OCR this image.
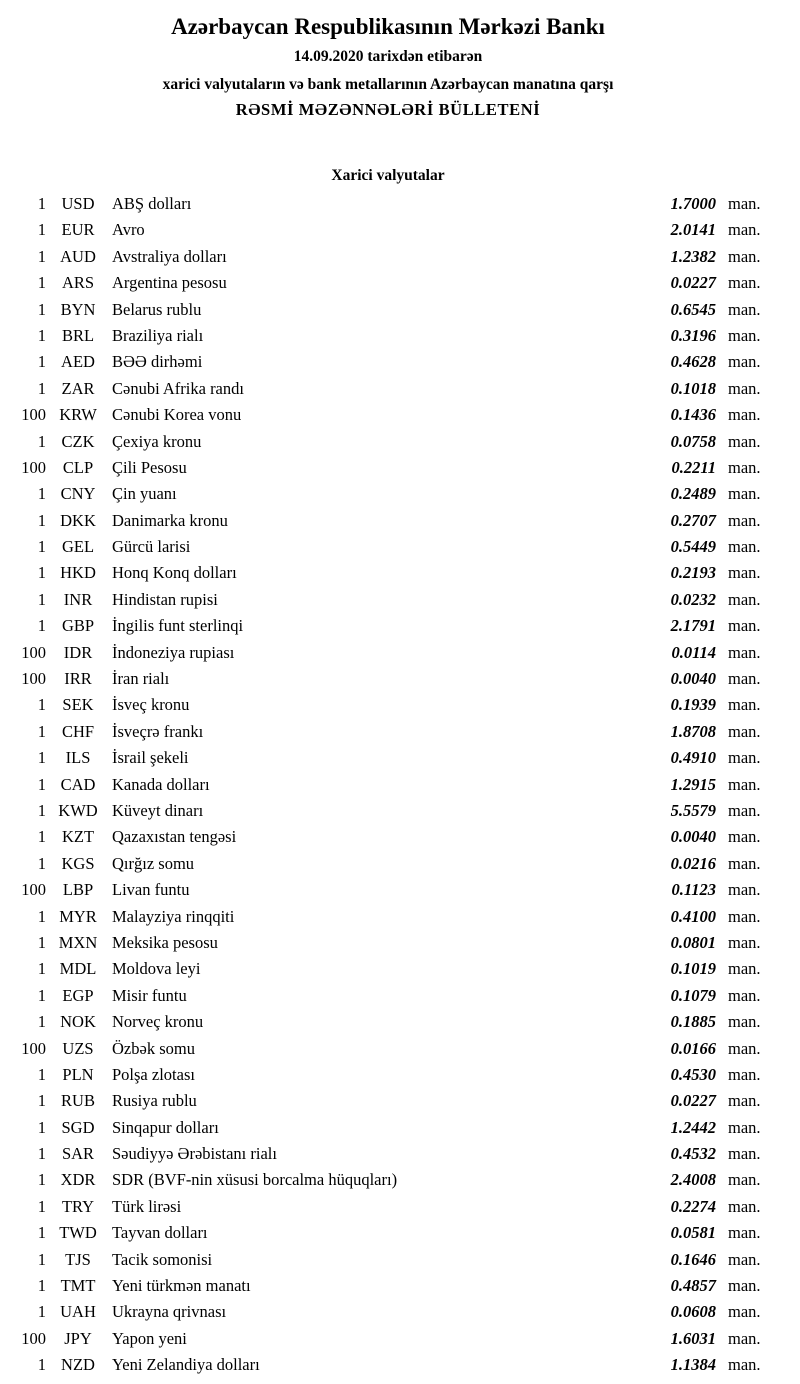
Azərbaycan Respublikasının Mərkəzi Bankı
14.09.2020 tarixdən etibarən
xarici valyutaların və bank metallarının Azərbaycan manatına qarşı
RƏSMİ MƏZƏNNƏLƏRİ BÜLLETENİ
Xarici valyutalar
1 USD	ABŞ dolları	1.7000 man.
1 EUR	Avro	2.0141 man.
1 AUD Avstraliya dolları	1.2382 man.
1 ARS	Argentina pesosu	0.0227 man.
1 BYN	Belarus rublu	0.6545 man.
1 BRL	Braziliya rialı	0.3196 man.
1 AED	BƏƏ dirhəmi	0.4628 man.
1 ZAR	Cənubi Afrika randı	0.1018 man.
100 KRW Cənubi Korea vonu	0.1436 man.
1 CZK	Çexiya kronu	0.0758 man.
100	CLP	Çili Pesosu	0.2211 man.
1 CNY	Çin yuanı	0.2489 man.
1 DKK Danimarka kronu	0.2707 man.
1 GEL	Gürcü larisi	0.5449 man.
1 HKD Honq Konq dolları	0.2193 man.
1	INR	Hindistan rupisi	0.0232 man.
1 GBP	İngilis funt sterlinqi	2.1791 man.
100	IDR	İndoneziya rupiası	0.0114 man.
100	IRR	İran rialı	0.0040 man.
1 SEK	İsveç kronu	0.1939 man.
1 CHF	İsveçrə frankı	1.8708 man.
1	ILS	İsrail şekeli	0.4910 man.
1 CAD	Kanada dolları	1.2915 man.
1 KWD Küveyt dinarı	5.5579 man.
1 KZT	Qazaxıstan tengəsi	0.0040 man.
1 KGS	Qırğız somu	0.0216 man.
100	LBP	Livan funtu	0.1123 man.
1 MYR Malayziya rinqqiti	0.4100 man.
1 MXN Meksika pesosu	0.0801 man.
1 MDL Moldova leyi	0.1019 man.
1 EGP	Misir funtu	0.1079 man.
1 NOK Norveç kronu	0.1885 man.
100 UZS	Özbək somu	0.0166 man.
1 PLN	Polşa zlotası	0.4530 man.
1 RUB	Rusiya rublu	0.0227 man.
1 SGD	Sinqapur dolları	1.2442 man.
1 SAR	Səudiyyə Ərəbistanı rialı	0.4532 man.
1 XDR	SDR (BVF-nin xüsusi borcalma hüquqları)	2.4008 man.
1 TRY	Türk lirəsi	0.2274 man.
1 TWD Tayvan dolları	0.0581 man.
1	TJS	Tacik somonisi	0.1646 man.
1 TMT	Yeni türkmən manatı	0.4857 man.
1 UAH Ukrayna qrivnası	0.0608 man.
100	JPY	Yapon yeni	1.6031 man.
1 NZD	Yeni Zelandiya dolları	1.1384 man.
